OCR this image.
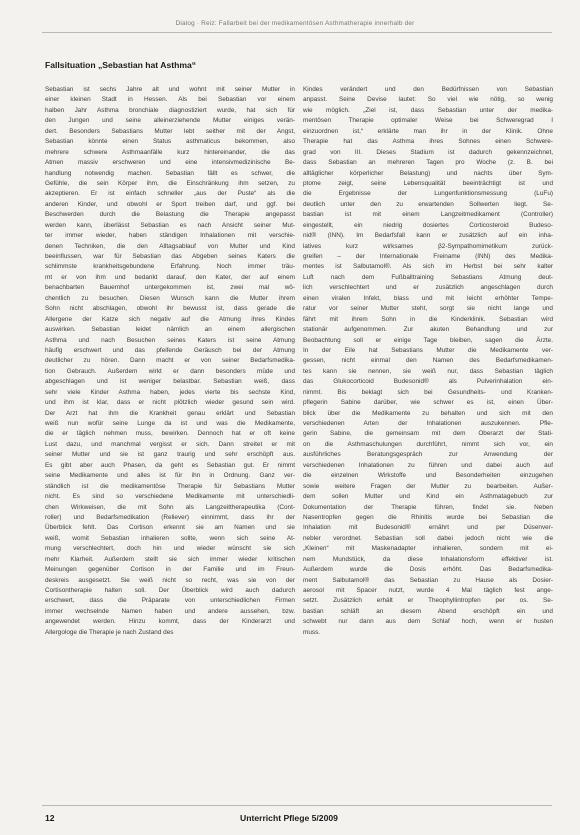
Dialog · Reiz: Fallarbeit bei der medikamentösen Asthmatherapie innerhalb der
Fallsituation „Sebastian hat Asthma“
Sebastian ist sechs Jahre alt und wohnt mit seiner Mutter in
einer kleinen Stadt in Hessen. Als bei Sebastian vor einem
halben Jahr Asthma bronchiale diagnostiziert wurde, hat sich für
den Jungen und seine alleinerziehende Mutter einiges verän-
dert. Besonders Sebastians Mutter lebt seither mit der Angst,
Sebastian könnte einen Status asthmaticus bekommen, also
mehrere schwere Asthmaanfälle kurz hintereinander, die das
Atmen massiv erschweren und eine intensivmedizinische Be-
handlung notwendig machen. Sebastian fällt es schwer, die
Gefühle, die sein Körper ihm, die Einschränkung ihm setzen, zu
akzeptieren. Er ist einfach schneller „aus der Puste“ als die
anderen Kinder, und obwohl er Sport treiben darf, und ggf. bei
Beschwerden durch die Belastung die Therapie angepasst
werden kann, überlässt Sebastian es nach Ansicht seiner Mut-
ter immer wieder, haben ständigen Inhalationen mit verschie-
denen Techniken, die den Alltagsablauf von Mutter und Kind
beeinflussen, war für Sebastian das Abgeben seines Katers die
schlimmste krankheitsgebundene Erfahrung. Noch immer träu-
mt er von ihm und bedankt darauf, den Kater, der auf einem
benachbarten Bauernhof untergekommen ist, zwei mal wö-
chentlich zu besuchen. Diesen Wunsch kann die Mutter ihrem
Sohn nicht abschlagen, obwohl ihr bewusst ist, dass gerade die
Allergene der Katze sich negativ auf die Atmung ihres Kindes
auswirken. Sebastian leidet nämlich an einem allergischen
Asthma und nach Besuchen seines Katers ist seine Atmung
häufig erschwert und das pfeifende Geräusch bei der Atmung
deutlicher zu hören. Dann macht er von seiner Bedarfsmedika-
tion Gebrauch. Außerdem wirkt er dann besonders müde und
abgeschlagen und ist weniger belastbar. Sebastian weiß, dass
sehr viele Kinder Asthma haben, jedes vierte bis sechste Kind,
und ihm ist klar, dass er nicht plötzlich wieder gesund sein wird.
Der Arzt hat ihm die Krankheit genau erklärt und Sebastian
weiß nun wofür seine Lunge da ist und was die Medikamente,
die er täglich nehmen muss, bewirken. Dennoch hat er oft keine
Lust dazu, und manchmal vergisst er sich. Dann streitet er mit
seiner Mutter und sie ist ganz traurig und sehr erschöpft aus.
Es gibt aber auch Phasen, da geht es Sebastian gut. Er nimmt
seine Medikamente und alles ist für ihn in Ordnung. Ganz ver-
ständlich ist die medikamentöse Therapie für Sebastians Mutter
nicht. Es sind so verschiedene Medikamente mit unterschiedli-
chen Wirkweisen, die mit Sohn als Langzeittherapeutika (Cont-
roller) und Bedarfsmedikation (Reliever) einnimmt, dass ihr der
Überblick fehlt. Das Cortison erkennt sie am Namen und sie
weiß, womit Sebastian inhalieren sollte, wenn sich seine At-
mung verschlechtert, doch hin und wieder wünscht sie sich
mehr Klarheit. Außerdem stellt sie sich immer wieder kritischen
Meinungen gegenüber Cortison in der Familie und im Freun-
deskreis ausgesetzt. Sie weiß nicht so recht, was sie von der
Cortisontherapie halten soll. Der Überblick wird auch dadurch
erschwert, dass die Präparate von unterschiedlichen Firmen
immer wechselnde Namen haben und andere aussehen, bzw.
angewendet werden. Hinzu kommt, dass der Kinderarzt und
Allergologe die Therapie je nach Zustand des
Kindes verändert und den Bedürfnissen von Sebastian
anpasst. Seine Devise lautet: So viel wie nötig, so wenig
wie möglich. „Ziel ist, dass Sebastian unter der medika-
mentösen Therapie optimaler Weise bei Schweregrad I
einzuordnen ist,“ erklärte man ihr in der Klinik. Ohne
Therapie hat das Asthma ihres Sohnes einen Schwere-
grad von III. Dieses Stadium ist dadurch gekennzeichnet,
dass Sebastian an mehreren Tagen pro Woche (z. B. bei
alltäglicher körperlicher Belastung) und nachts über Sym-
ptome zeigt, seine Lebensqualität beeinträchtigt ist und
die Ergebnisse der Lungenfunktionsmessung (LuFu)
deutlich unter den zu erwartenden Sollwerten liegt. Se-
bastian ist mit einem Langzeitmedikament (Controller)
eingestellt, ein niedrig dosiertes Corticosteroid Budeso-
nid® (INN). Im Bedarfsfall kann er zusätzlich auf ein inha-
latives kurz wirksames β2-Sympathomimetikum zurück-
greifen – der Internationale Freiname (INN) des Medika-
mentes ist Salbutamol®. Als sich im Herbst bei sehr kalter
Luft nach dem Fußballtraining Sebastians Atmung deut-
lich verschlechtert und er zusätzlich angeschlagen durch
einen viralen Infekt, blass und mit leicht erhöhter Tempe-
ratur vor seiner Mutter steht, sorgt sie nicht lange und
fährt mit ihrem Sohn in die Kinderklinik. Sebastian wird
stationär aufgenommen. Zur akuten Behandlung und zur
Beobachtung soll er einige Tage bleiben, sagen die Ärzte.
In der Eile hat Sebastians Mutter die Medikamente ver-
gessen, nicht einmal den Namen des Bedarfsmedikamen-
tes kann sie nennen, sie weiß nur, dass Sebastian täglich
das Glukocorticoid Budesonid® als Pulverinhalation ein-
nimmt. Bis beklagt sich bei Gesundheits- und Kranken-
pflegerin Sabine darüber, wie schwer es ist, einen Über-
blick über die Medikamente zu behalten und sich mit den
verschiedenen Arten der Inhalationen auszukennen. Pfle-
gerin Sabine, die gemeinsam mit dem Oberarzt der Stati-
on die Asthmaschulungen durchführt, nimmt sich vor, ein
ausführliches Beratungsgespräch zur Anwendung der
verschiedenen Inhalationen zu führen und dabei auch auf
die einzelnen Wirkstoffe und Besonderheiten einzugehen
sowie weitere Fragen der Mutter zu bearbeiten. Außer-
dem sollen Mutter und Kind ein Asthmatagebuch zur
Dokumentation der Therapie führen, findet sie. Neben
Nasentropfen gegen die Rhinitis wurde bei Sebastian die
Inhalation mit Budesonid® ernährt und per Düsenver-
nebler verordnet. Sebastian soll dabei jedoch nicht wie die
„Kleinen“ mit Maskenadapter inhalieren, sondern mit ei-
nem Mundstück, da diese Inhalationsform effektiver ist.
Außerdem wurde die Dosis erhöht. Das Bedarfsmedika-
ment Salbutamol® das Sebastian zu Hause als Dosier-
aerosol mit Spacer nutzt, wurde 4 Mal täglich fest ange-
setzt. Zusätzlich erhält er Theophyllintropfen per os. Se-
bastian schläft an diesem Abend erschöpft ein und
schwebt nur dann aus dem Schlaf hoch, wenn er husten
muss.
12	Unterricht Pflege 5/2009
